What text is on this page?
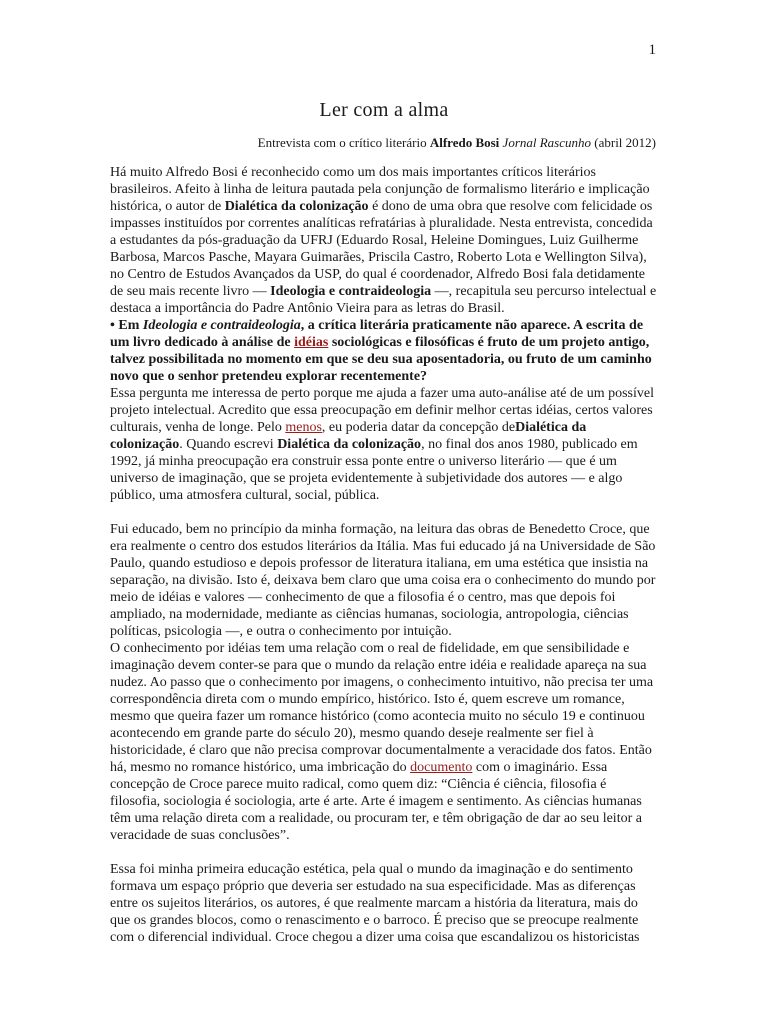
1
Ler com a alma
Entrevista com o crítico literário Alfredo Bosi Jornal Rascunho (abril 2012)

Há muito Alfredo Bosi é reconhecido como um dos mais importantes críticos literários brasileiros. Afeito à linha de leitura pautada pela conjunção de formalismo literário e implicação histórica, o autor de Dialética da colonização é dono de uma obra que resolve com felicidade os impasses instituídos por correntes analíticas refratárias à pluralidade. Nesta entrevista, concedida a estudantes da pós-graduação da UFRJ (Eduardo Rosal, Heleine Domingues, Luiz Guilherme Barbosa, Marcos Pasche, Mayara Guimarães, Priscila Castro, Roberto Lota e Wellington Silva), no Centro de Estudos Avançados da USP, do qual é coordenador, Alfredo Bosi fala detidamente de seu mais recente livro — Ideologia e contraideologia —, recapitula seu percurso intelectual e destaca a importância do Padre Antônio Vieira para as letras do Brasil.

• Em Ideologia e contraideologia, a crítica literária praticamente não aparece. A escrita de um livro dedicado à análise de idéias sociológicas e filosóficas é fruto de um projeto antigo, talvez possibilitada no momento em que se deu sua aposentadoria, ou fruto de um caminho novo que o senhor pretendeu explorar recentemente?

Essa pergunta me interessa de perto porque me ajuda a fazer uma auto-análise até de um possível projeto intelectual. Acredito que essa preocupação em definir melhor certas idéias, certos valores culturais, venha de longe. Pelo menos, eu poderia datar da concepção deDialética da colonização. Quando escrevi Dialética da colonização, no final dos anos 1980, publicado em 1992, já minha preocupação era construir essa ponte entre o universo literário — que é um universo de imaginação, que se projeta evidentemente à subjetividade dos autores — e algo público, uma atmosfera cultural, social, pública.

Fui educado, bem no princípio da minha formação, na leitura das obras de Benedetto Croce, que era realmente o centro dos estudos literários da Itália. Mas fui educado já na Universidade de São Paulo, quando estudioso e depois professor de literatura italiana, em uma estética que insistia na separação, na divisão. Isto é, deixava bem claro que uma coisa era o conhecimento do mundo por meio de idéias e valores — conhecimento de que a filosofia é o centro, mas que depois foi ampliado, na modernidade, mediante as ciências humanas, sociologia, antropologia, ciências políticas, psicologia —, e outra o conhecimento por intuição.

O conhecimento por idéias tem uma relação com o real de fidelidade, em que sensibilidade e imaginação devem conter-se para que o mundo da relação entre idéia e realidade apareça na sua nudez. Ao passo que o conhecimento por imagens, o conhecimento intuitivo, não precisa ter uma correspondência direta com o mundo empírico, histórico. Isto é, quem escreve um romance, mesmo que queira fazer um romance histórico (como acontecia muito no século 19 e continuou acontecendo em grande parte do século 20), mesmo quando deseje realmente ser fiel à historicidade, é claro que não precisa comprovar documentalmente a veracidade dos fatos. Então há, mesmo no romance histórico, uma imbricação do documento com o imaginário. Essa concepção de Croce parece muito radical, como quem diz: “Ciência é ciência, filosofia é filosofia, sociologia é sociologia, arte é arte. Arte é imagem e sentimento. As ciências humanas têm uma relação direta com a realidade, ou procuram ter, e têm obrigação de dar ao seu leitor a veracidade de suas conclusões”.

Essa foi minha primeira educação estética, pela qual o mundo da imaginação e do sentimento formava um espaço próprio que deveria ser estudado na sua especificidade. Mas as diferenças entre os sujeitos literários, os autores, é que realmente marcam a história da literatura, mais do que os grandes blocos, como o renascimento e o barroco. É preciso que se preocupe realmente com o diferencial individual. Croce chegou a dizer uma coisa que escandalizou os historicistas
